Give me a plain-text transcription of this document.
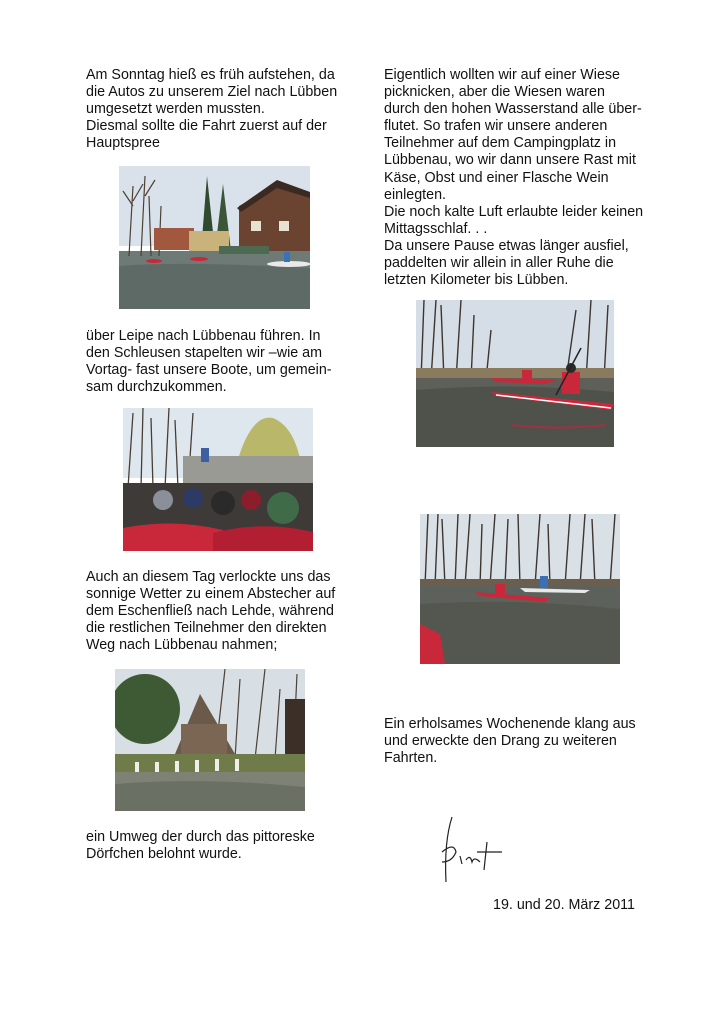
Am Sonntag hieß es früh aufstehen, da
die Autos zu unserem Ziel nach Lübben
umgesetzt werden mussten.
Diesmal sollte die Fahrt zuerst auf der
Hauptspree

über Leipe nach Lübbenau führen. In
den Schleusen stapelten wir –wie am
Vortag- fast unsere Boote, um gemein-
sam durchzukommen.

Auch an diesem Tag verlockte uns das
sonnige Wetter zu einem Abstecher auf
dem Eschenfließ nach Lehde, während
die restlichen Teilnehmer den direkten
Weg nach Lübbenau nahmen;

ein Umweg der durch das pittoreske
Dörfchen belohnt wurde.

Eigentlich wollten wir auf einer Wiese
picknicken, aber die Wiesen waren
durch den hohen Wasserstand alle über-
flutet. So trafen wir unsere anderen
Teilnehmer auf dem Campingplatz in
Lübbenau, wo wir dann unsere Rast mit
Käse, Obst und einer Flasche Wein
einlegten.
Die noch kalte Luft erlaubte leider keinen
Mittagsschlaf. . .
Da unsere Pause etwas länger ausfiel,
paddelten wir allein in aller Ruhe die
letzten Kilometer bis Lübben.

Ein erholsames Wochenende klang aus
und erweckte den Drang zu weiteren
Fahrten.

19. und 20. März 2011
